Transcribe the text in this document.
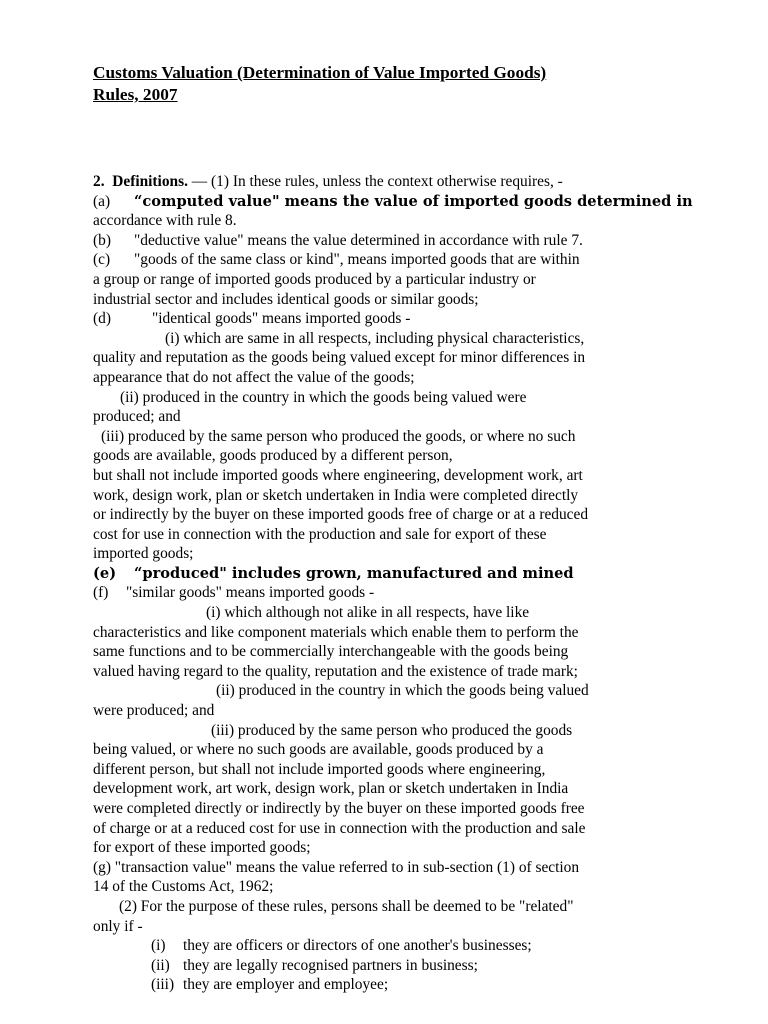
Customs Valuation (Determination of Value Imported Goods)
Rules, 2007
2. Definitions. — (1) In these rules, unless the context otherwise requires, -
(a) “computed value" means the value of imported goods determined in
accordance with rule 8.
(b) "deductive value" means the value determined in accordance with rule 7.
(c) "goods of the same class or kind", means imported goods that are within
a group or range of imported goods produced by a particular industry or
industrial sector and includes identical goods or similar goods;
(d)	"identical goods" means imported goods -
(i) which are same in all respects, including physical characteristics,
quality and reputation as the goods being valued except for minor differences in
appearance that do not affect the value of the goods;
(ii) produced in the country in which the goods being valued were
produced; and
(iii) produced by the same person who produced the goods, or where no such
goods are available, goods produced by a different person,
but shall not include imported goods where engineering, development work, art
work, design work, plan or sketch undertaken in India were completed directly
or indirectly by the buyer on these imported goods free of charge or at a reduced
cost for use in connection with the production and sale for export of these
imported goods;
(e) “produced" includes grown, manufactured and mined
(f) "similar goods" means imported goods -
(i) which although not alike in all respects, have like
characteristics and like component materials which enable them to perform the
same functions and to be commercially interchangeable with the goods being
valued having regard to the quality, reputation and the existence of trade mark;
(ii) produced in the country in which the goods being valued
were produced; and
(iii) produced by the same person who produced the goods
being valued, or where no such goods are available, goods produced by a
different person, but shall not include imported goods where engineering,
development work, art work, design work, plan or sketch undertaken in India
were completed directly or indirectly by the buyer on these imported goods free
of charge or at a reduced cost for use in connection with the production and sale
for export of these imported goods;
(g) "transaction value" means the value referred to in sub-section (1) of section
14 of the Customs Act, 1962;
(2) For the purpose of these rules, persons shall be deemed to be "related"
only if -
(i) they are officers or directors of one another's businesses;
(ii) they are legally recognised partners in business;
(iii) they are employer and employee;
